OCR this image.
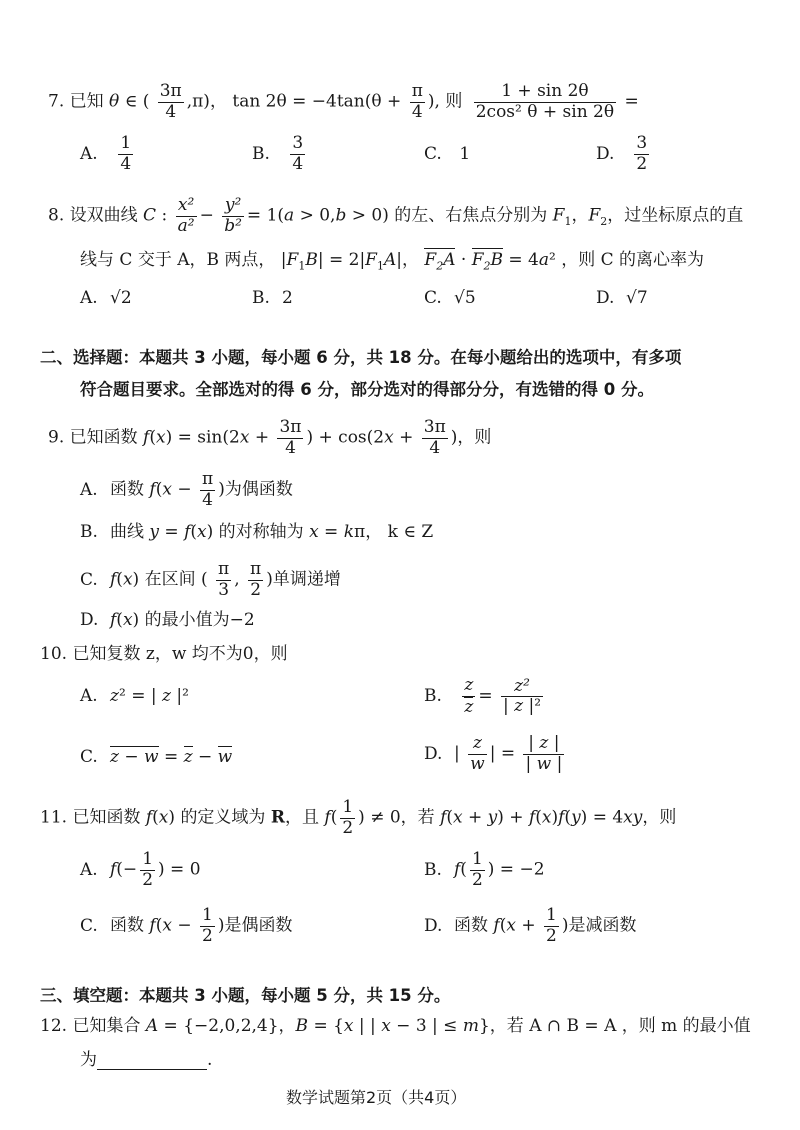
7. 已知 θ ∈ ( $\frac{3\pi}{4} ,\pi$)， $\tan 2\theta = -4\tan(\theta + \frac{\pi}{4}$ ), 则 $\frac{1 + \sin 2\theta}{\text{2cos² θ + sin 2θ}}$ =
A. $\frac{1}{4}$	B. $\frac{3}{4}$	C. 1	D. $\frac{3}{2}$
8. 设双曲线 C : $\frac{\text{x²}}{\text{a²}} - \frac{\text{y²}}{\text{b²}} = 1(a > 0,b > 0)$ 的左、右焦点分别为 $F_1$，$F_2$，过坐标原点的直
线与 C 交于 A，B 两点， $|F_1B| = 2|F_1A|$， $F_2A \cdot F_2B = 4a^2$ ，则 C 的离心率为
A. √2	B. 2	C. √5	D. √7
二、选择题：本题共 3 小题，每小题 6 分，共 18 分。在每小题给出的选项中，有多项
符合题目要求。全部选对的得 6 分，部分选对的得部分分，有选错的得 0 分。
9. 已知函数 $f(x) = \sin(2x + \frac{3\pi}{4}$ ) + $\cos(2x + \frac{3\pi}{4}$ )，则
A. 函数 $f(x - \frac{\pi}{4}$ )为偶函数
B. 曲线 y = f(x) 的对称轴为 x = kπ， k ∈ Z
C. f(x) 在区间 ( $\frac{\pi}{3}$ , $\frac{\pi}{2}$ )单调递增
D. f(x) 的最小值为−2
10. 已知复数 z，w 均不为0，则
A. z² = | z |²	B. $\frac{z}{z} = \frac{\text{z²}}{\text{| z |²}}$
C. z − w = z − w	D. | $\frac{z}{w}$ | = $\frac{| z |}{| w |}$
11. 已知函数 f(x) 的定义域为 R，且 $f( \frac{1}{2}$ ) ≠ 0，若 f(x + y) + f(x)f(y) = 4xy，则
A. $f(- \frac{1}{2}$ ) = 0	B. $f( \frac{1}{2}$ ) = −2
C. 函数 $f(x - \frac{1}{2}$ )是偶函数	D. 函数 $f(x + \frac{1}{2}$ )是减函数
三、填空题：本题共 3 小题，每小题 5 分，共 15 分。
12. 已知集合 A = {−2,0,2,4}，B = {x | | x − 3 | ≤ m}，若 A ∩ B = A ，则 m 的最小值
为	.
数学试题第2页（共4页）
